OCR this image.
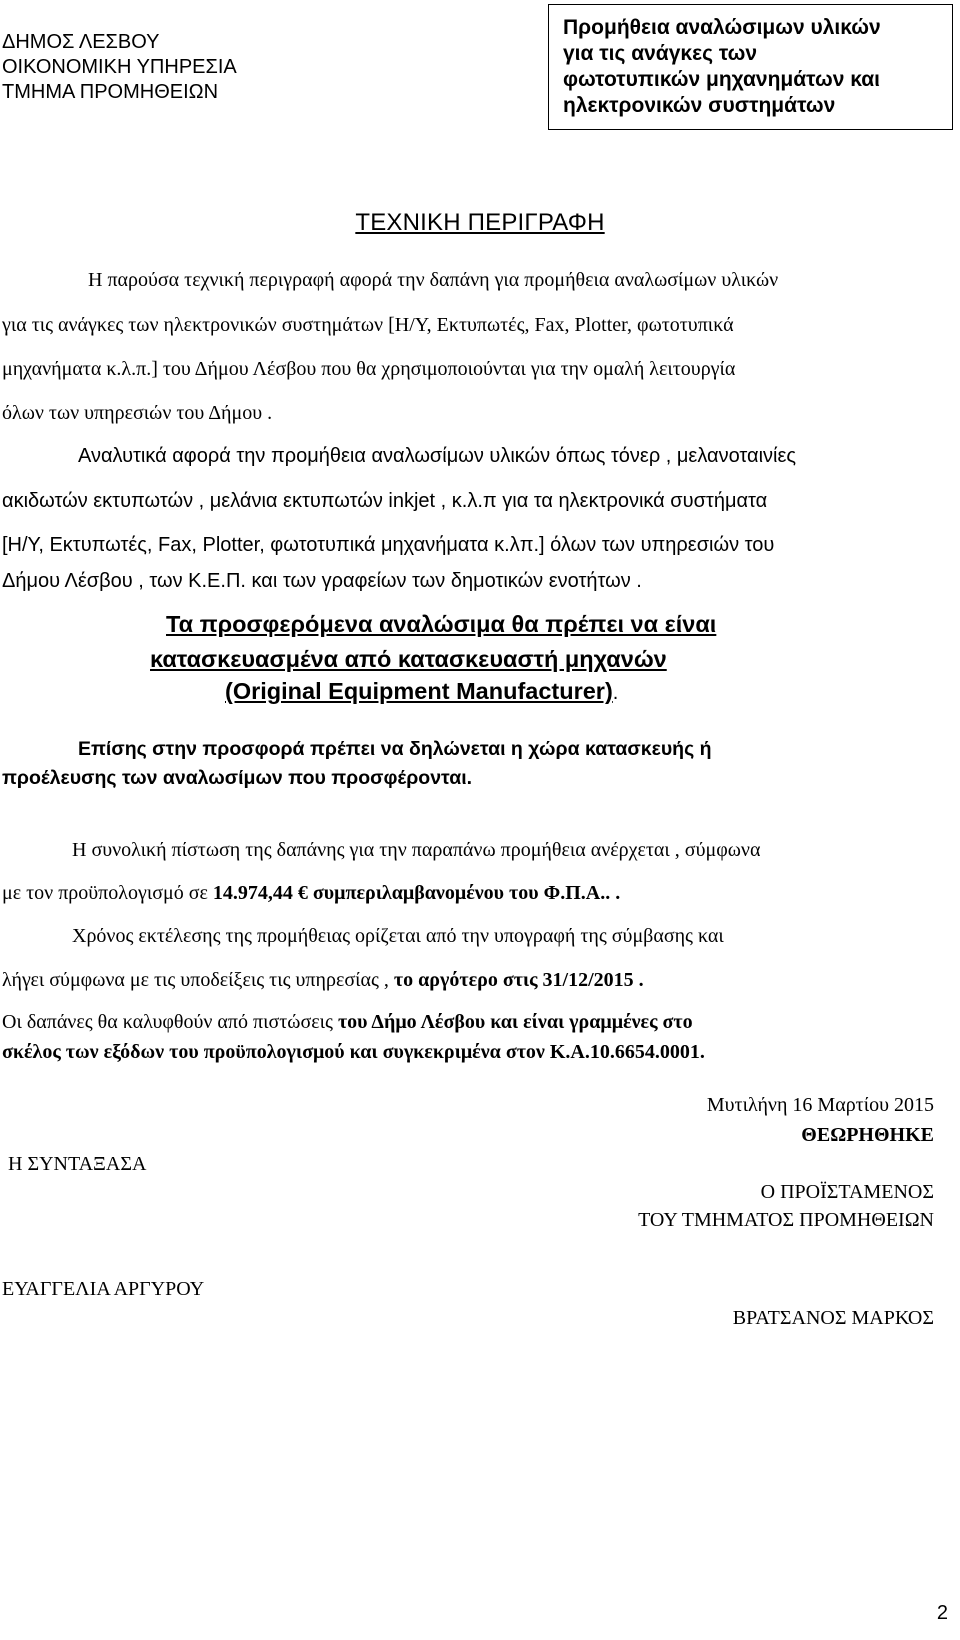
ΔΗΜΟΣ ΛΕΣΒΟΥ
ΟΙΚΟΝΟΜΙΚΗ ΥΠΗΡΕΣΙΑ
ΤΜΗΜΑ ΠΡΟΜΗΘΕΙΩΝ
Προμήθεια αναλώσιμων υλικών
για τις ανάγκες των
φωτοτυπικών μηχανημάτων και
ηλεκτρονικών συστημάτων
ΤΕΧΝΙΚΗ ΠΕΡΙΓΡΑΦΗ
Η παρούσα τεχνική περιγραφή αφορά την δαπάνη για προμήθεια αναλωσίμων υλικών
για τις ανάγκες των ηλεκτρονικών συστημάτων [Η/Υ, Εκτυπωτές, Fax, Plotter, φωτοτυπικά
μηχανήματα κ.λ.π.] του Δήμου Λέσβου που θα χρησιμοποιούνται για την ομαλή λειτουργία
όλων των υπηρεσιών του Δήμου .
Αναλυτικά αφορά την προμήθεια αναλωσίμων υλικών όπως τόνερ , μελανοταινίες
ακιδωτών εκτυπωτών , μελάνια εκτυπωτών inkjet , κ.λ.π για τα ηλεκτρονικά συστήματα
[Η/Υ, Εκτυπωτές, Fax, Plotter, φωτοτυπικά μηχανήματα κ.λπ.] όλων των υπηρεσιών του
Δήμου Λέσβου , των Κ.Ε.Π. και των γραφείων των δημοτικών ενοτήτων .
Τα προσφερόμενα αναλώσιμα θα πρέπει να είναι
κατασκευασμένα από κατασκευαστή μηχανών
(Original Equipment Manufacturer).
Επίσης στην προσφορά πρέπει να δηλώνεται η χώρα κατασκευής ή
προέλευσης των αναλωσίμων που προσφέρονται.
Η συνολική πίστωση της δαπάνης για την παραπάνω προμήθεια ανέρχεται , σύμφωνα
με τον προϋπολογισμό σε 14.974,44 € συμπεριλαμβανομένου του Φ.Π.Α.. .
Χρόνος εκτέλεσης της προμήθειας ορίζεται από την υπογραφή της σύμβασης και
λήγει σύμφωνα με τις υποδείξεις τις υπηρεσίας , το αργότερο στις 31/12/2015 .
Οι δαπάνες θα καλυφθούν από πιστώσεις του Δήμο Λέσβου και είναι γραμμένες στο
σκέλος των εξόδων του προϋπολογισμού και συγκεκριμένα στον Κ.Α.10.6654.0001.
Μυτιλήνη 16 Μαρτίου 2015
ΘΕΩΡΗΘΗΚΕ
Η ΣΥΝΤΑΞΑΣΑ
Ο ΠΡΟΪΣΤΑΜΕΝΟΣ
ΤΟΥ ΤΜΗΜΑΤΟΣ ΠΡΟΜΗΘΕΙΩΝ
ΕΥΑΓΓΕΛΙΑ ΑΡΓΥΡΟΥ
ΒΡΑΤΣΑΝΟΣ ΜΑΡΚΟΣ
2
